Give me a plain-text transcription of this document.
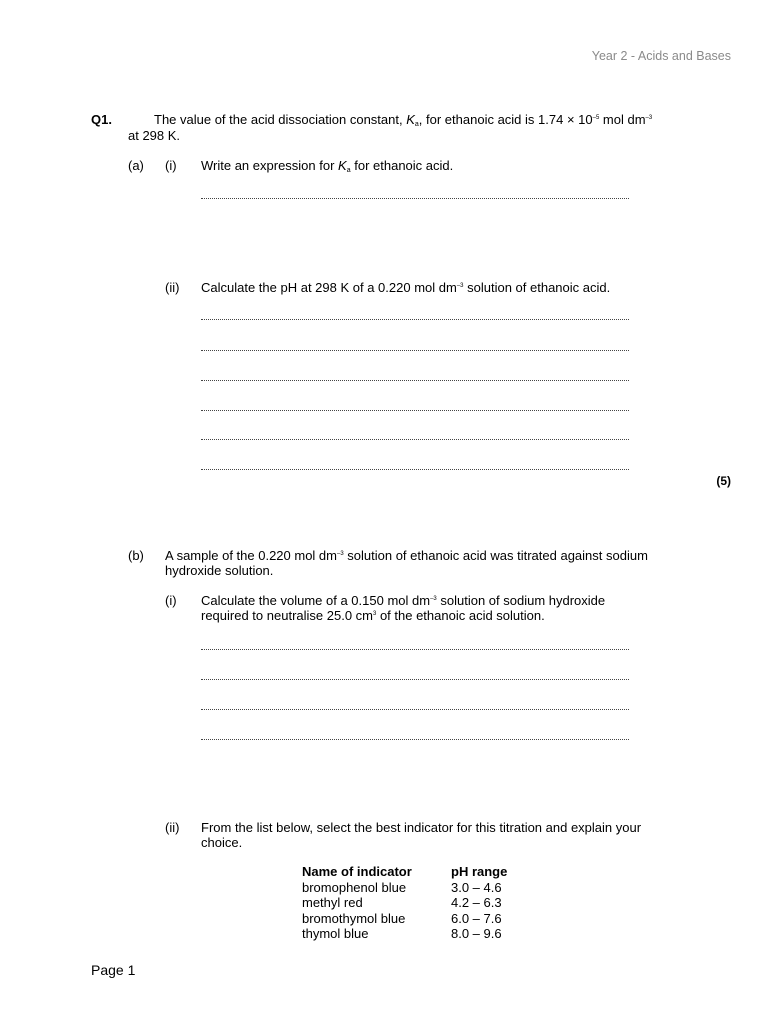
Year 2 - Acids and Bases
Q1.	The value of the acid dissociation constant, $K_a$, for ethanoic acid is $1.74 \times 10^{-5}$ mol $dm^{-3}$
at 298 K.
(a) (i) Write an expression for $K_a$ for ethanoic acid.
(ii) Calculate the pH at 298 K of a 0.220 mol $dm^{-3}$ solution of ethanoic acid.
(5)
(b) A sample of the 0.220 mol $dm^{-3}$ solution of ethanoic acid was titrated against sodium
hydroxide solution.
(i) Calculate the volume of a 0.150 mol $dm^{-3}$ solution of sodium hydroxide
required to neutralise 25.0 $cm^3$ of the ethanoic acid solution.
(ii) From the list below, select the best indicator for this titration and explain your
choice.
Name of indicator	pH range
bromophenol blue	3.0 – 4.6
methyl red	4.2 – 6.3
bromothymol blue	6.0 – 7.6
thymol blue	8.0 – 9.6
Page 1
